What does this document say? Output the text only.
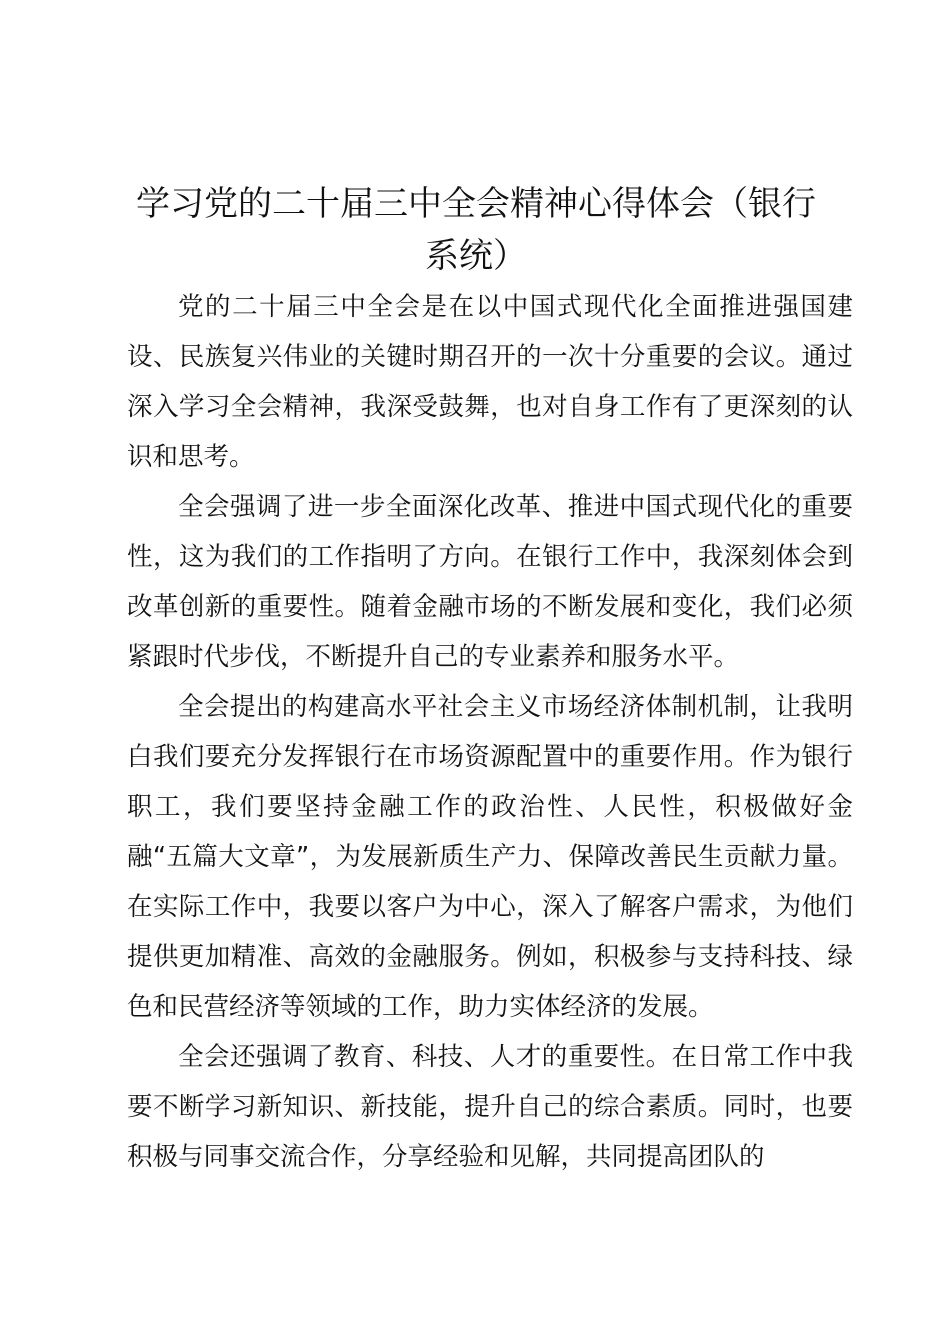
学习党的二十届三中全会精神心得体会（银行系统）

党的二十届三中全会是在以中国式现代化全面推进强国建设、民族复兴伟业的关键时期召开的一次十分重要的会议。通过深入学习全会精神，我深受鼓舞，也对自身工作有了更深刻的认识和思考。

全会强调了进一步全面深化改革、推进中国式现代化的重要性，这为我们的工作指明了方向。在银行工作中，我深刻体会到改革创新的重要性。随着金融市场的不断发展和变化，我们必须紧跟时代步伐，不断提升自己的专业素养和服务水平。

全会提出的构建高水平社会主义市场经济体制机制，让我明白我们要充分发挥银行在市场资源配置中的重要作用。作为银行职工，我们要坚持金融工作的政治性、人民性，积极做好金融“五篇大文章”，为发展新质生产力、保障改善民生贡献力量。在实际工作中，我要以客户为中心，深入了解客户需求，为他们提供更加精准、高效的金融服务。例如，积极参与支持科技、绿色和民营经济等领域的工作，助力实体经济的发展。

全会还强调了教育、科技、人才的重要性。在日常工作中我要不断学习新知识、新技能，提升自己的综合素质。同时，也要积极与同事交流合作，分享经验和见解，共同提高团队的
